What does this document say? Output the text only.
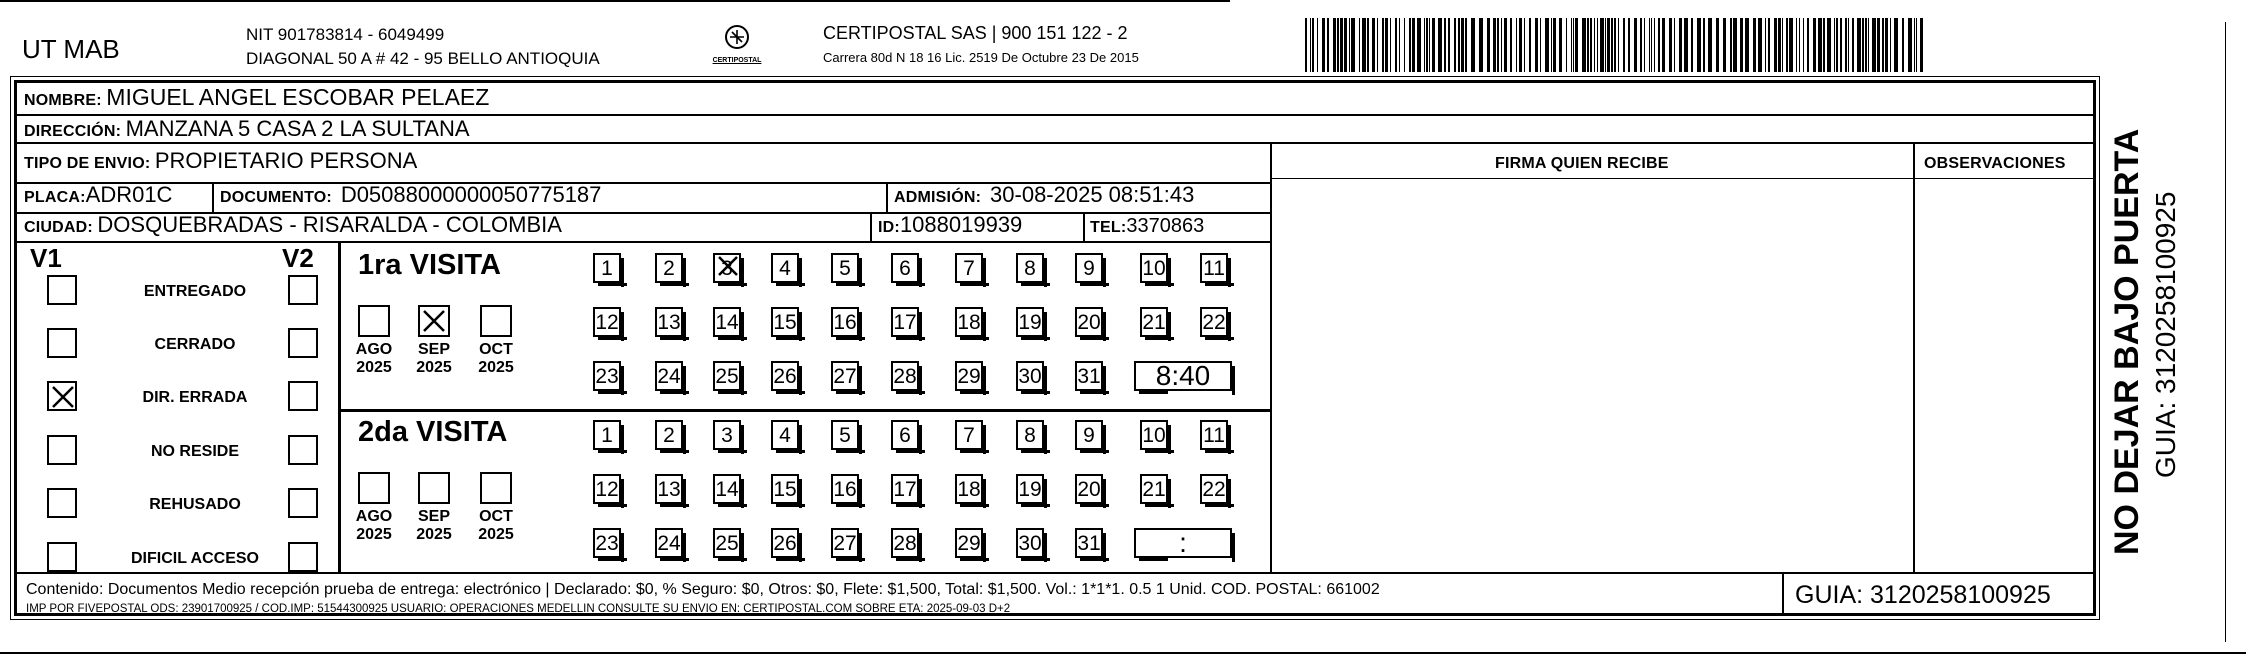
UT MAB	NIT 901783814 - 6049499
DIAGONAL 50 A # 42 - 95 BELLO ANTIOQUIA	CERTIPOSTAL
CERTIPOSTAL SAS | 900 151 122 - 2
Carrera 80d N 18 16 Lic. 2519 De Octubre 23 De 2015
NOMBRE: MIGUEL ANGEL ESCOBAR PELAEZ
DIRECCIÓN: MANZANA 5 CASA 2 LA SULTANA
TIPO DE ENVIO: PROPIETARIO PERSONA
PLACA:ADR01C	DOCUMENTO: D05088000000050775187	ADMISIÓN: 30-08-2025 08:51:43
CIUDAD: DOSQUEBRADAS - RISARALDA - COLOMBIA	ID:1088019939	TEL:3370863
FIRMA QUIEN RECIBE	OBSERVACIONES
V1	V2
ENTREGADO
CERRADO
DIR. ERRADA
NO RESIDE
REHUSADO
DIFICIL ACCESO
1ra VISITA
AGO
2025
SEP
2025
OCT
2025
1	2	3	4	5	6	7	8	9	10 11
12 13 14 15 16 17 18 19 20 21 22
23 24 25 26 27 28 29 30 31	8:40
2da VISITA
AGO
2025
SEP
2025
OCT
2025
1	2	3	4	5	6	7	8	9	10 11
12 13 14 15 16 17 18 19 20 21 22
23 24 25 26 27 28 29 30 31	:
Contenido: Documentos Medio recepción prueba de entrega: electrónico | Declarado: $0, % Seguro: $0, Otros: $0, Flete: $1,500, Total: $1,500. Vol.: 1*1*1. 0.5 1 Unid. COD. POSTAL: 661002
IMP POR FIVEPOSTAL ODS: 23901700925 / COD.IMP: 51544300925 USUARIO: OPERACIONES MEDELLIN CONSULTE SU ENVIO EN: CERTIPOSTAL.COM SOBRE ETA: 2025-09-03 D+2	GUIA: 3120258100925
NO DEJAR BAJO PUERTA GUIA: 3120258100925
